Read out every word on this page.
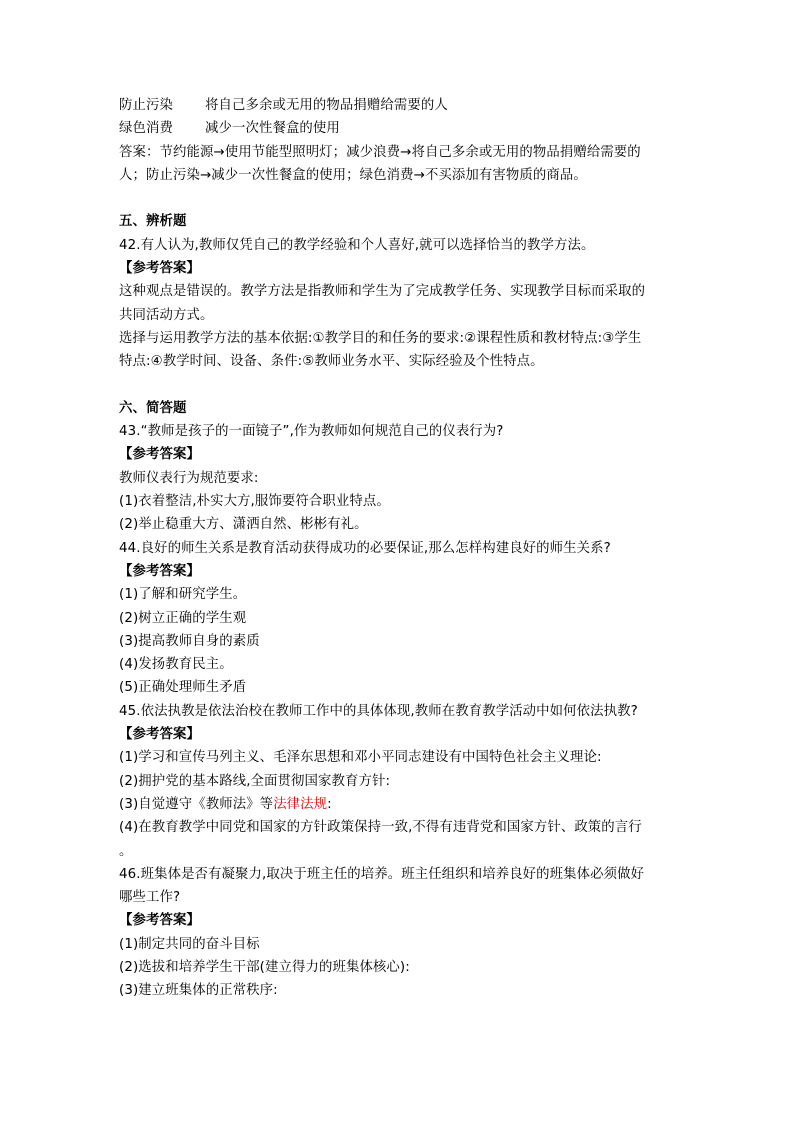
防止污染 将自己多余或无用的物品捐赠给需要的人
绿色消费 减少一次性餐盒的使用
答案：节约能源→使用节能型照明灯；减少浪费→将自己多余或无用的物品捐赠给需要的
人；防止污染→减少一次性餐盒的使用；绿色消费→不买添加有害物质的商品。
五、辨析题
42.有人认为,教师仅凭自己的教学经验和个人喜好,就可以选择恰当的教学方法。
【参考答案】
这种观点是错误的。教学方法是指教师和学生为了完成教学任务、实现教学目标而采取的
共同活动方式。
选择与运用教学方法的基本依据:①教学目的和任务的要求:②课程性质和教材特点:③学生
特点:④教学时间、设备、条件:⑤教师业务水平、实际经验及个性特点。
六、简答题
43.“教师是孩子的一面镜子”,作为教师如何规范自己的仪表行为?
【参考答案】
教师仪表行为规范要求:
(1)衣着整洁,朴实大方,服饰要符合职业特点。
(2)举止稳重大方、潇洒自然、彬彬有礼。
44.良好的师生关系是教育活动获得成功的必要保证,那么怎样构建良好的师生关系?
【参考答案】
(1)了解和研究学生。
(2)树立正确的学生观
(3)提高教师自身的素质
(4)发扬教育民主。
(5)正确处理师生矛盾
45.依法执教是依法治校在教师工作中的具体体现,教师在教育教学活动中如何依法执教?
【参考答案】
(1)学习和宣传马列主义、毛泽东思想和邓小平同志建设有中国特色社会主义理论:
(2)拥护党的基本路线,全面贯彻国家教育方针:
(3)自觉遵守《教师法》等法律法规:
(4)在教育教学中同党和国家的方针政策保持一致,不得有违背党和国家方针、政策的言行
。
46.班集体是否有凝聚力,取决于班主任的培养。班主任组织和培养良好的班集体必须做好
哪些工作?
【参考答案】
(1)制定共同的奋斗目标
(2)选拔和培养学生干部(建立得力的班集体核心):
(3)建立班集体的正常秩序:
